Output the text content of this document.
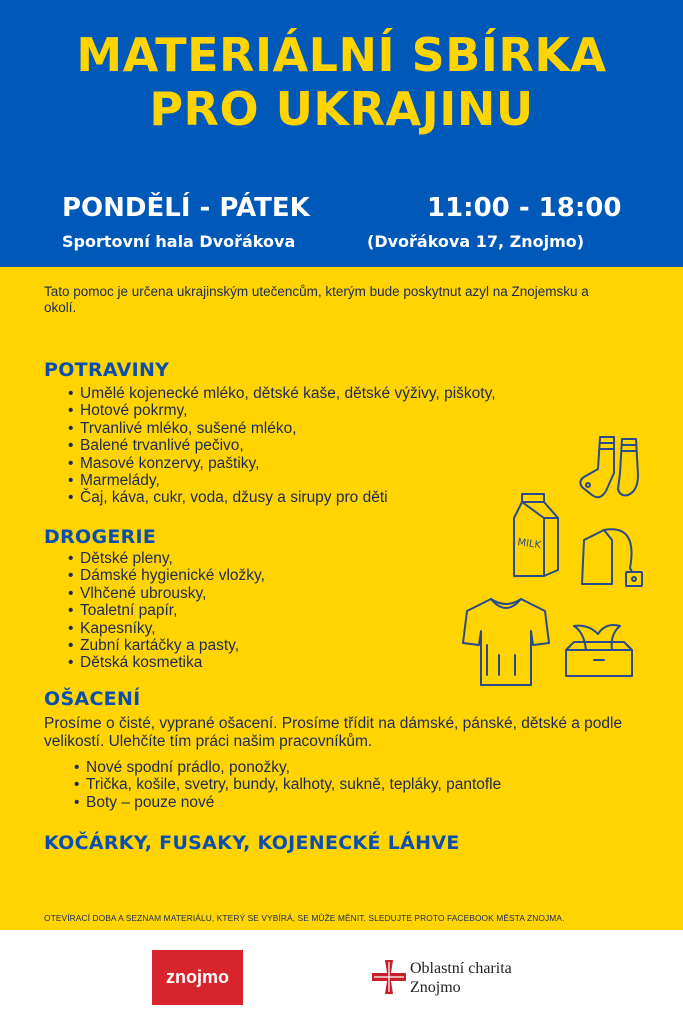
MATERIÁLNÍ SBÍRKA
PRO UKRAJINU
PONDĚLÍ - PÁTEK	11:00 - 18:00
Sportovní hala Dvořákova	(Dvořákova 17, Znojmo)

Tato pomoc je určena ukrajinským utečencům, kterým bude poskytnut azyl na Znojemsku a okolí.

POTRAVINY
• Umělé kojenecké mléko, dětské kaše, dětské výživy, piškoty,
• Hotové pokrmy,
• Trvanlivé mléko, sušené mléko,
• Balené trvanlivé pečivo,
• Masové konzervy, paštiky,
• Marmelády,
• Čaj, káva, cukr, voda, džusy a sirupy pro děti
DROGERIE
• Dětské pleny,
• Dámské hygienické vložky,
• Vlhčené ubrousky,
• Toaletní papír,
• Kapesníky,
• Zubní kartáčky a pasty,
• Dětská kosmetika
OŠACENÍ

Prosíme o čisté, vyprané ošacení. Prosíme třídit na dámské, pánské, dětské a podle velikostí. Ulehčíte tím práci našim pracovníkům.

• Nové spodní prádlo, ponožky,
• Trička, košile, svetry, bundy, kalhoty, sukně, tepláky, pantofle
• Boty – pouze nové
KOČÁRKY, FUSAKY, KOJENECKÉ LÁHVE
MILK

OTEVÍRACÍ DOBA A SEZNAM MATERIÁLU, KTERÝ SE VYBÍRÁ, SE MŮŽE MĚNIT. SLEDUJTE PROTO FACEBOOK MĚSTA ZNOJMA.

znojmo	Oblastní charita
Znojmo
